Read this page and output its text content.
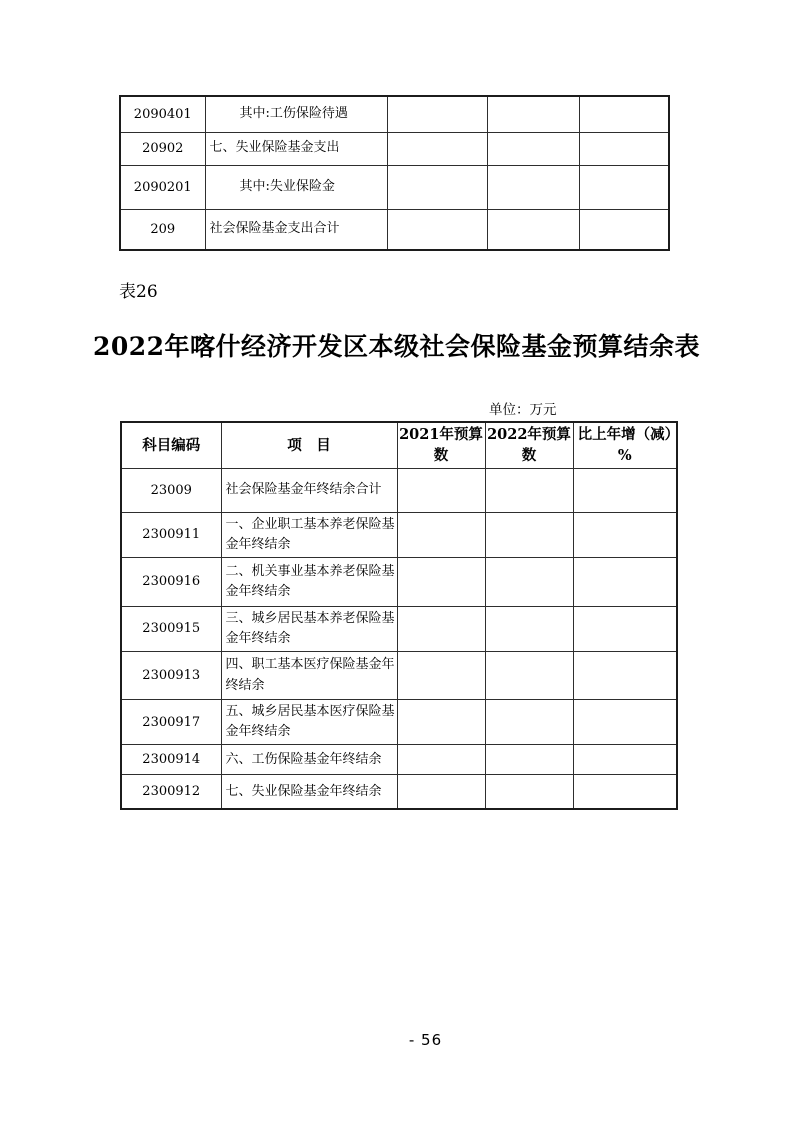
2090401	其中:工伤保险待遇			
20902	七、失业保险基金支出			
2090201	其中:失业保险金			
209	社会保险基金支出合计			
表26
2022年喀什经济开发区本级社会保险基金预算结余表
单位：万元
科目编码	项　目	2021年预算数	2022年预算数	比上年增（减）%
23009	社会保险基金年终结余合计			
2300911	一、企业职工基本养老保险基金年终结余			
2300916	二、机关事业基本养老保险基金年终结余			
2300915	三、城乡居民基本养老保险基金年终结余			
2300913	四、职工基本医疗保险基金年终结余			
2300917	五、城乡居民基本医疗保险基金年终结余			
2300914	六、工伤保险基金年终结余			
2300912	七、失业保险基金年终结余			
- 56
